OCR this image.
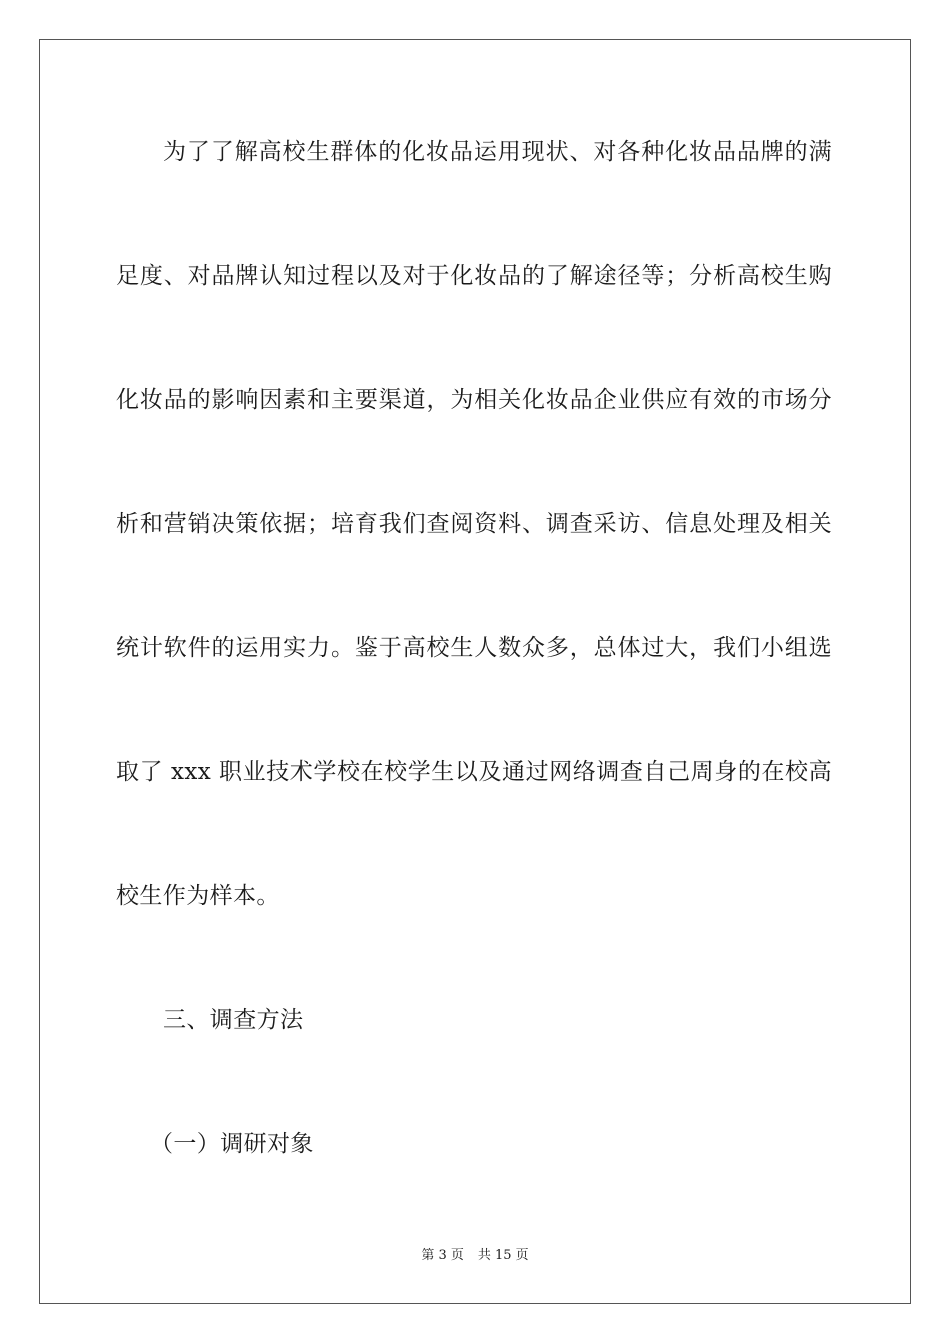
为了了解高校生群体的化妆品运用现状、对各种化妆品品牌的满
足度、对品牌认知过程以及对于化妆品的了解途径等；分析高校生购
化妆品的影响因素和主要渠道，为相关化妆品企业供应有效的市场分
析和营销决策依据；培育我们查阅资料、调查采访、信息处理及相关
统计软件的运用实力。鉴于高校生人数众多，总体过大，我们小组选
取了 xxx 职业技术学校在校学生以及通过网络调查自己周身的在校高
校生作为样本。
三、调查方法
（一）调研对象
第 3 页 共 15 页
